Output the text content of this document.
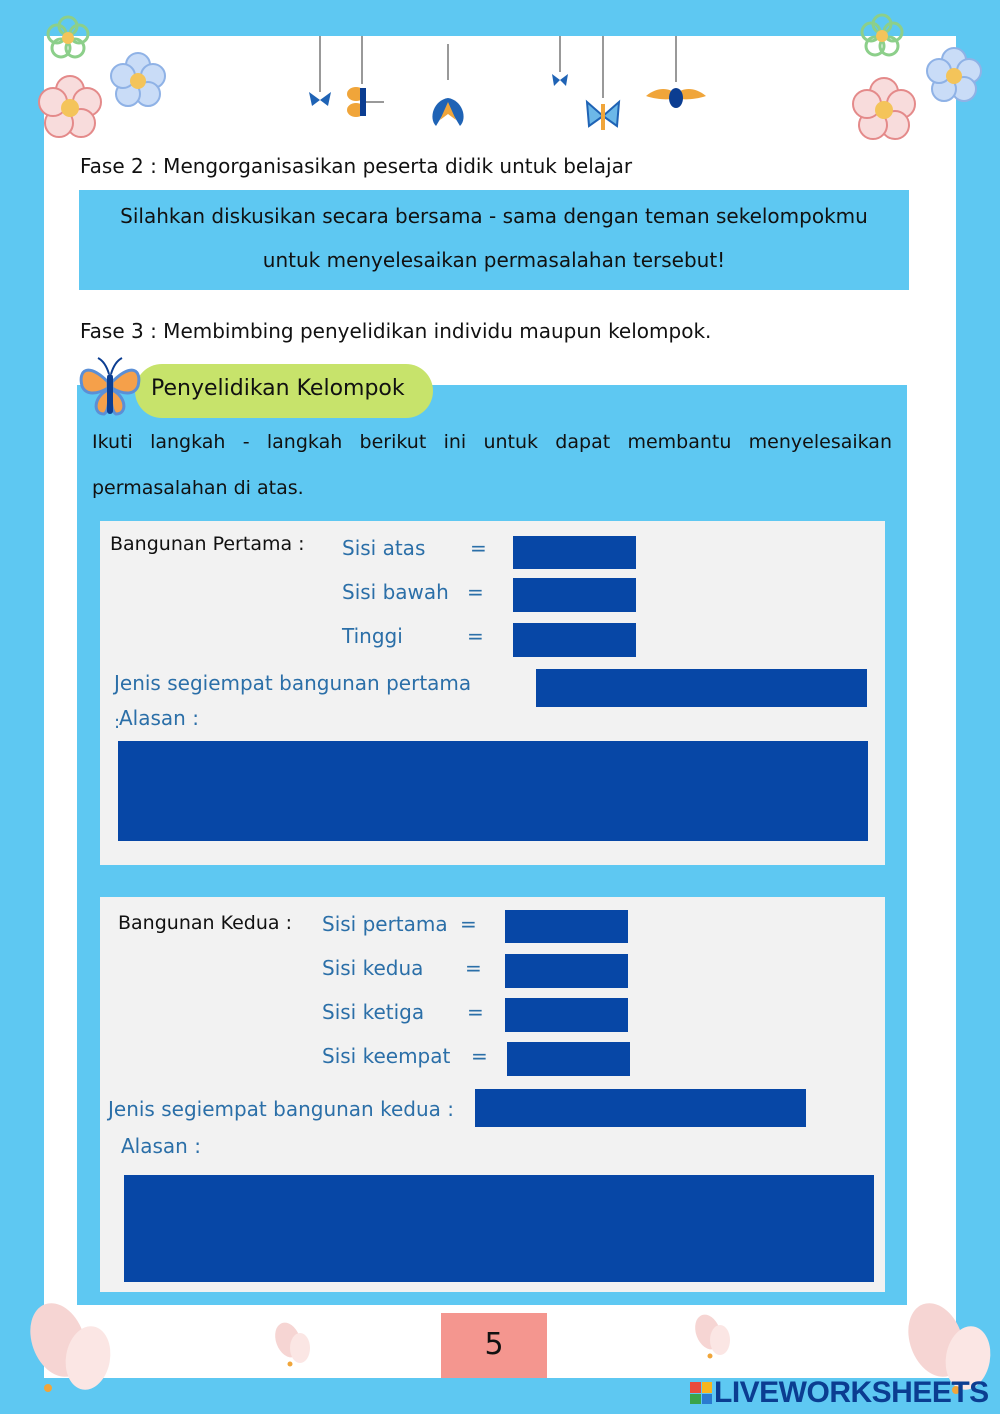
Fase 2 : Mengorganisasikan peserta didik untuk belajar

Silahkan diskusikan secara bersama - sama dengan teman sekelompokmu

untuk menyelesaikan permasalahan tersebut!

Fase 3 : Membimbing penyelidikan individu maupun kelompok.
Penyelidikan Kelompok
Ikuti langkah - langkah berikut ini untuk dapat membantu menyelesaikan
permasalahan di atas.
Bangunan Pertama : Sisi atas =
Sisi bawah =
Tinggi	=
Jenis segiempat bangunan pertama
:
Alasan :
Bangunan Kedua : Sisi pertama =
Sisi kedua =
Sisi ketiga =
Sisi keempat =
Jenis segiempat bangunan kedua :
Alasan :
5
LIVEWORKSHEETS
